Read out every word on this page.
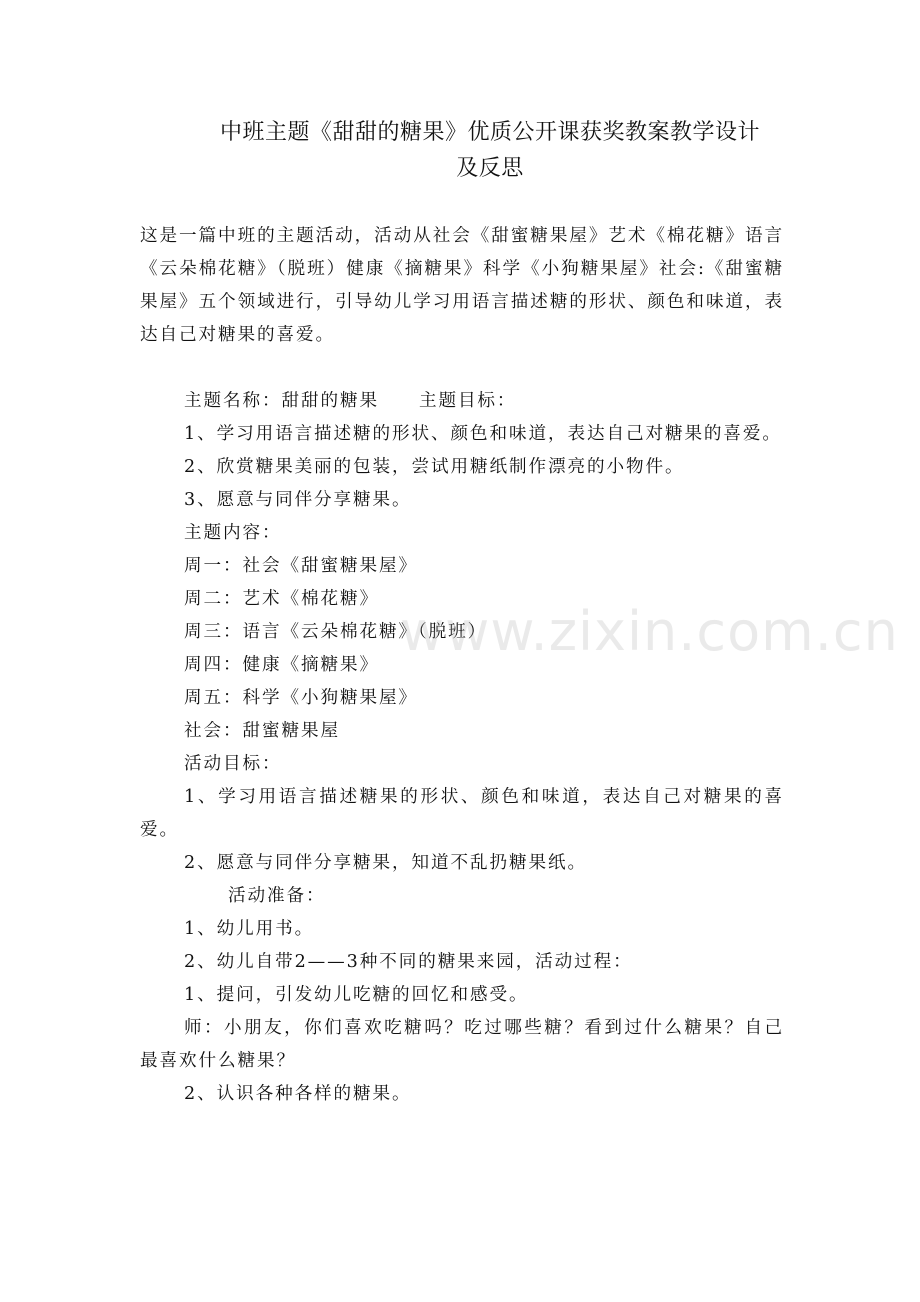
中班主题《甜甜的糖果》优质公开课获奖教案教学设计
及反思

这是一篇中班的主题活动，活动从社会《甜蜜糖果屋》艺术《棉花糖》语言《云朵棉花糖》（脱班）健康《摘糖果》科学《小狗糖果屋》社会:《甜蜜糖果屋》五个领域进行，引导幼儿学习用语言描述糖的形状、颜色和味道，表达自己对糖果的喜爱。

主题名称：甜甜的糖果 主题目标：

1、学习用语言描述糖的形状、颜色和味道，表达自己对糖果的喜爱。

2、欣赏糖果美丽的包装，尝试用糖纸制作漂亮的小物件。

3、愿意与同伴分享糖果。

主题内容：

周一：社会《甜蜜糖果屋》

周二：艺术《棉花糖》

周三：语言《云朵棉花糖》（脱班）

周四：健康《摘糖果》

周五：科学《小狗糖果屋》

社会：甜蜜糖果屋

活动目标：

1、学习用语言描述糖果的形状、颜色和味道，表达自己对糖果的喜爱。

2、愿意与同伴分享糖果，知道不乱扔糖果纸。

活动准备：

1、幼儿用书。

2、幼儿自带2——3种不同的糖果来园，活动过程：

1、提问，引发幼儿吃糖的回忆和感受。

师：小朋友，你们喜欢吃糖吗？吃过哪些糖？看到过什么糖果？自己最喜欢什么糖果？

2、认识各种各样的糖果。

www.zixin.com.cn
